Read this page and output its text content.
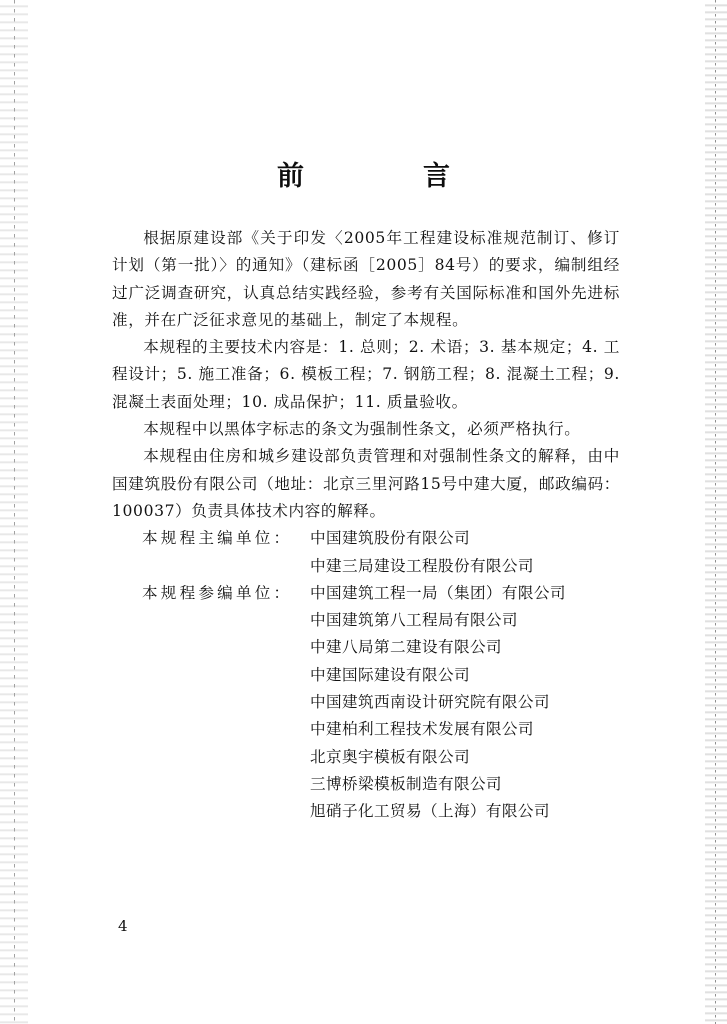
前　言

根据原建设部《关于印发〈2005年工程建设标准规范制订、修订计划（第一批）〉的通知》（建标函［2005］84号）的要求，编制组经过广泛调查研究，认真总结实践经验，参考有关国际标准和国外先进标准，并在广泛征求意见的基础上，制定了本规程。

本规程的主要技术内容是：1. 总则；2. 术语；3. 基本规定；4. 工程设计；5. 施工准备；6. 模板工程；7. 钢筋工程；8. 混凝土工程；9. 混凝土表面处理；10. 成品保护；11. 质量验收。

本规程中以黑体字标志的条文为强制性条文，必须严格执行。

本规程由住房和城乡建设部负责管理和对强制性条文的解释，由中国建筑股份有限公司（地址：北京三里河路15号中建大厦，邮政编码：100037）负责具体技术内容的解释。

本规程主编单位：	中国建筑股份有限公司
中建三局建设工程股份有限公司
本规程参编单位：	中国建筑工程一局（集团）有限公司
中国建筑第八工程局有限公司
中建八局第二建设有限公司
中建国际建设有限公司
中国建筑西南设计研究院有限公司
中建柏利工程技术发展有限公司
北京奥宇模板有限公司
三博桥梁模板制造有限公司
旭硝子化工贸易（上海）有限公司
4
